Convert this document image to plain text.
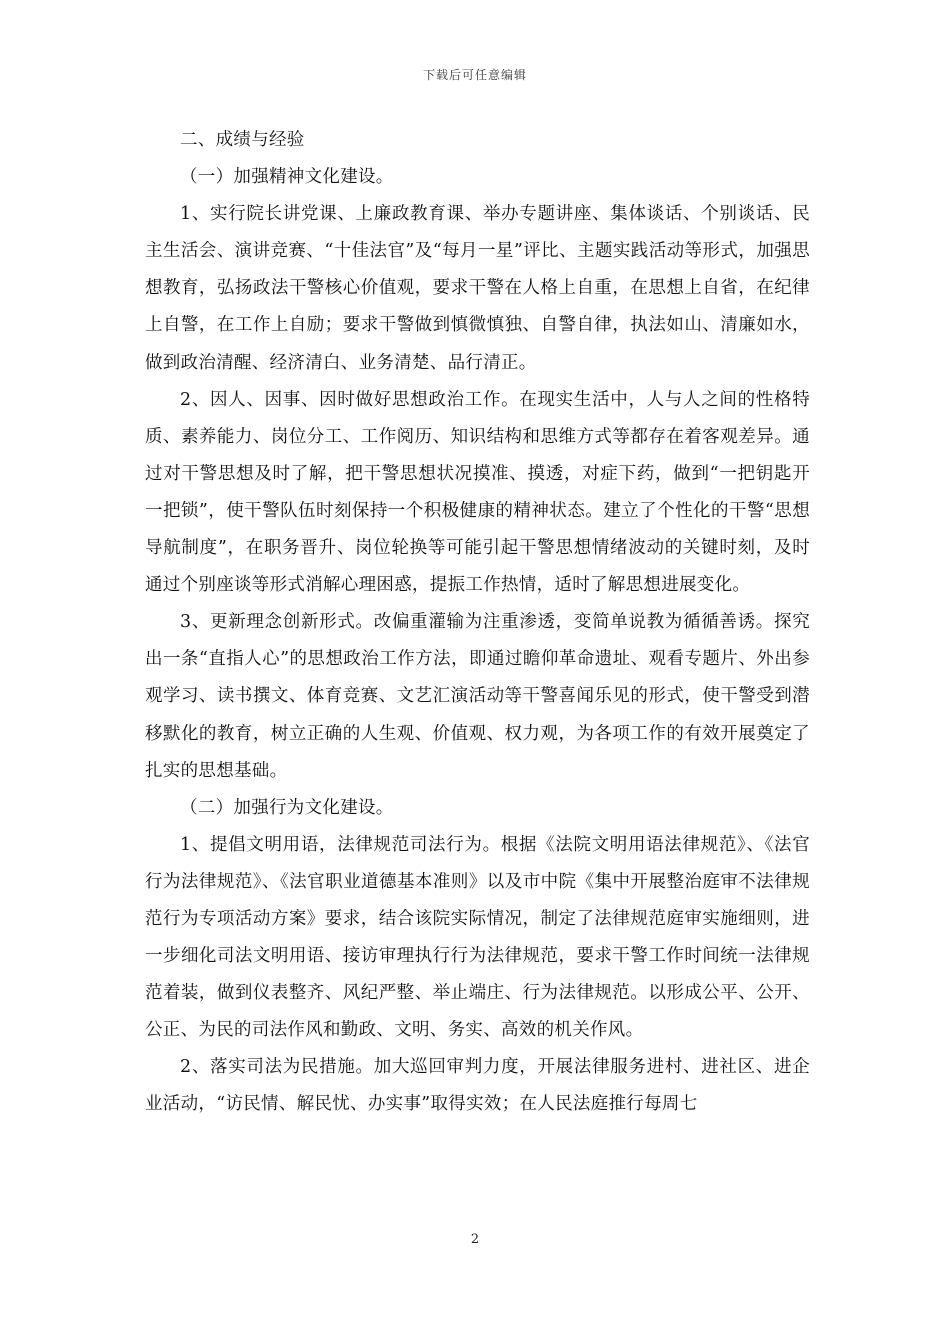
下载后可任意编辑

二、成绩与经验

（一）加强精神文化建设。

1、实行院长讲党课、上廉政教育课、举办专题讲座、集体谈话、个别谈话、民主生活会、演讲竞赛、“十佳法官”及“每月一星”评比、主题实践活动等形式，加强思想教育，弘扬政法干警核心价值观，要求干警在人格上自重，在思想上自省，在纪律上自警，在工作上自励；要求干警做到慎微慎独、自警自律，执法如山、清廉如水，做到政治清醒、经济清白、业务清楚、品行清正。

2、因人、因事、因时做好思想政治工作。在现实生活中，人与人之间的性格特质、素养能力、岗位分工、工作阅历、知识结构和思维方式等都存在着客观差异。通过对干警思想及时了解，把干警思想状况摸准、摸透，对症下药，做到“一把钥匙开一把锁”，使干警队伍时刻保持一个积极健康的精神状态。建立了个性化的干警“思想导航制度”，在职务晋升、岗位轮换等可能引起干警思想情绪波动的关键时刻，及时通过个别座谈等形式消解心理困惑，提振工作热情，适时了解思想进展变化。

3、更新理念创新形式。改偏重灌输为注重渗透，变简单说教为循循善诱。探究出一条“直指人心”的思想政治工作方法，即通过瞻仰革命遗址、观看专题片、外出参观学习、读书撰文、体育竞赛、文艺汇演活动等干警喜闻乐见的形式，使干警受到潜移默化的教育，树立正确的人生观、价值观、权力观，为各项工作的有效开展奠定了扎实的思想基础。

（二）加强行为文化建设。

1、提倡文明用语，法律规范司法行为。根据《法院文明用语法律规范》、《法官行为法律规范》、《法官职业道德基本准则》以及市中院《集中开展整治庭审不法律规范行为专项活动方案》要求，结合该院实际情况，制定了法律规范庭审实施细则，进一步细化司法文明用语、接访审理执行行为法律规范，要求干警工作时间统一法律规范着装，做到仪表整齐、风纪严整、举止端庄、行为法律规范。以形成公平、公开、公正、为民的司法作风和勤政、文明、务实、高效的机关作风。

2、落实司法为民措施。加大巡回审判力度，开展法律服务进村、进社区、进企业活动，“访民情、解民忧、办实事”取得实效；在人民法庭推行每周七

2
